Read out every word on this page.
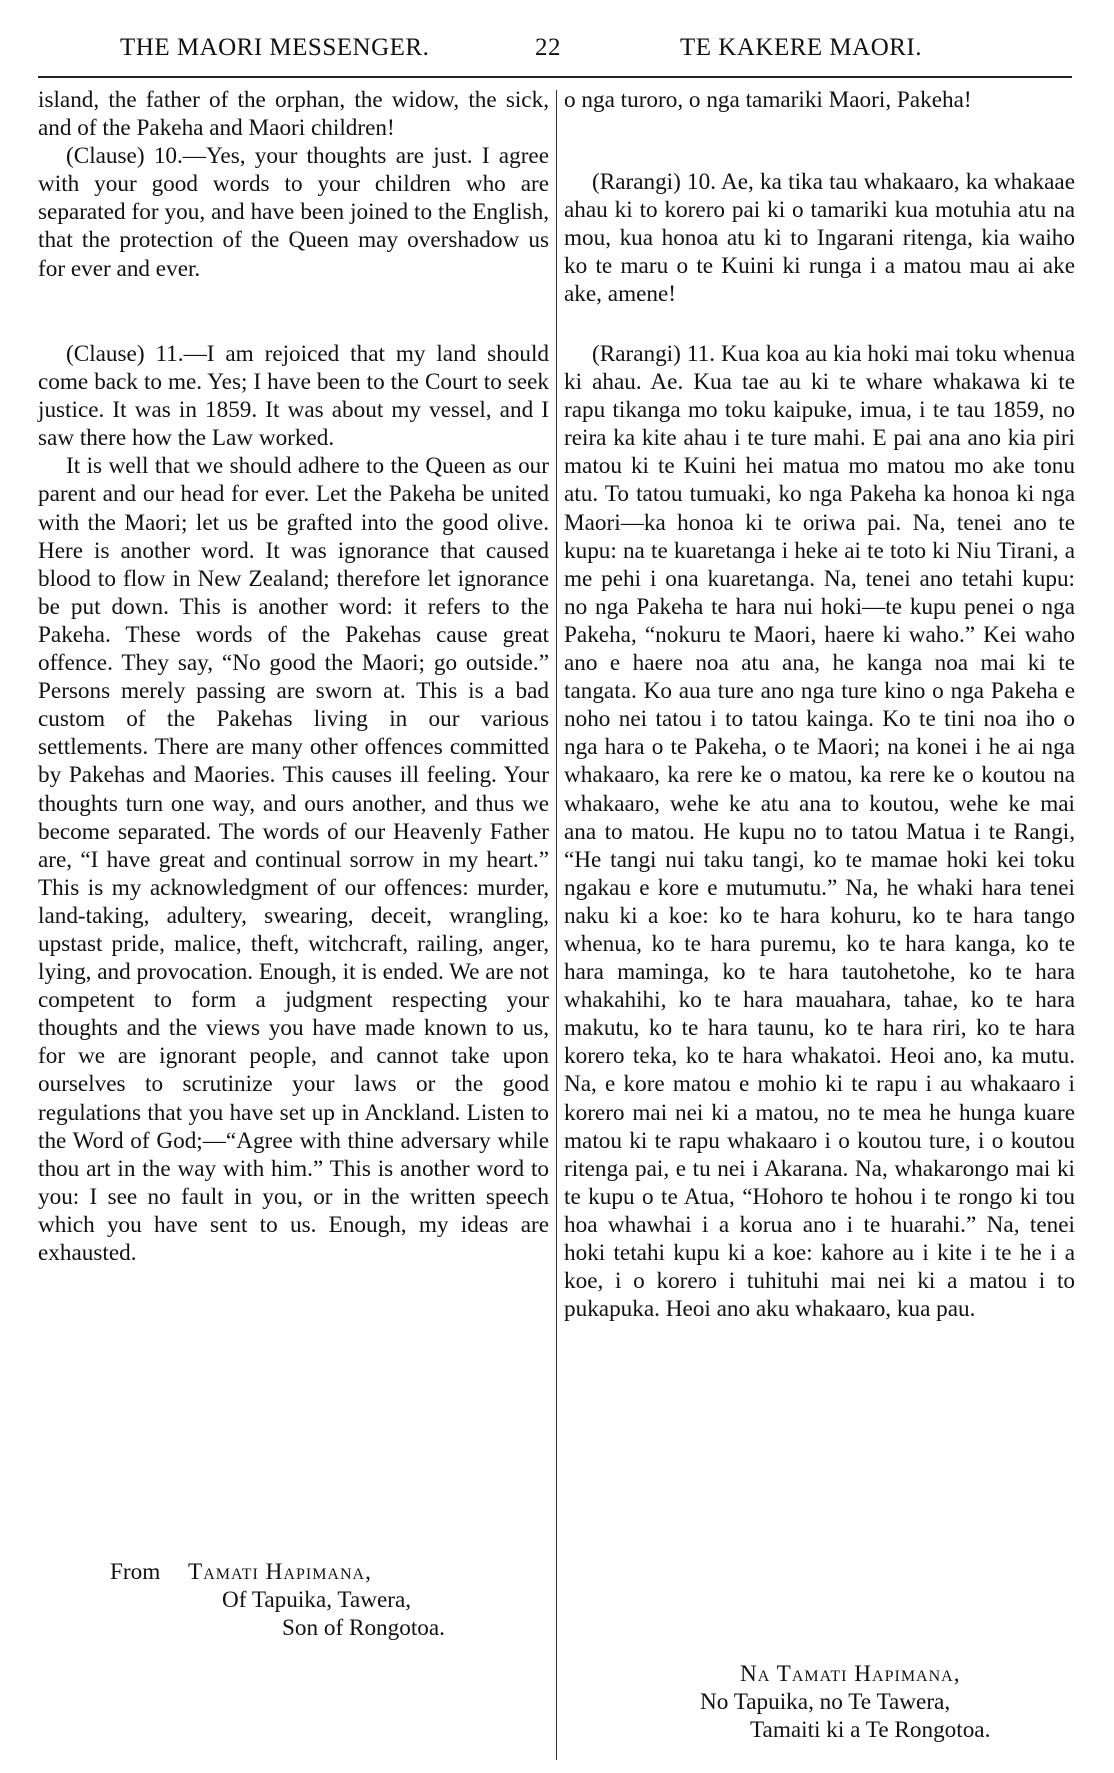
THE MAORI MESSENGER.	22	TE KAKERE MAORI.

island, the father of the orphan, the widow, the sick, and of the Pakeha and Maori children!

(Clause) 10.—Yes, your thoughts are just. I agree with your good words to your children who are separated for you, and have been joined to the English, that the protection of the Queen may overshadow us for ever and ever.

(Clause) 11.—I am rejoiced that my land should come back to me. Yes; I have been to the Court to seek justice. It was in 1859. It was about my vessel, and I saw there how the Law worked.

It is well that we should adhere to the Queen as our parent and our head for ever. Let the Pakeha be united with the Maori; let us be grafted into the good olive. Here is another word. It was ignorance that caused blood to flow in New Zealand; therefore let ignorance be put down. This is another word: it refers to the Pakeha. These words of the Pakehas cause great offence. They say, “No good the Maori; go outside.” Persons merely passing are sworn at. This is a bad custom of the Pakehas living in our various settlements. There are many other offences committed by Pakehas and Maories. This causes ill feeling. Your thoughts turn one way, and ours another, and thus we become separated. The words of our Heavenly Father are, “I have great and continual sorrow in my heart.” This is my acknowledgment of our offences: murder, land-taking, adultery, swearing, deceit, wrangling, upstast pride, malice, theft, witchcraft, railing, anger, lying, and provocation. Enough, it is ended. We are not competent to form a judgment respecting your thoughts and the views you have made known to us, for we are ignorant people, and cannot take upon ourselves to scrutinize your laws or the good regulations that you have set up in Anckland. Listen to the Word of God;—“Agree with thine adversary while thou art in the way with him.” This is another word to you: I see no fault in you, or in the written speech which you have sent to us. Enough, my ideas are exhausted.

From Tamati Hapimana,
Of Tapuika, Tawera,
Son of Rongotoa.

o nga turoro, o nga tamariki Maori, Pakeha!

(Rarangi) 10. Ae, ka tika tau whakaaro, ka whakaae ahau ki to korero pai ki o tamariki kua motuhia atu na mou, kua honoa atu ki to Ingarani ritenga, kia waiho ko te maru o te Kuini ki runga i a matou mau ai ake ake, amene!

(Rarangi) 11. Kua koa au kia hoki mai toku whenua ki ahau. Ae. Kua tae au ki te whare whakawa ki te rapu tikanga mo toku kaipuke, imua, i te tau 1859, no reira ka kite ahau i te ture mahi. E pai ana ano kia piri matou ki te Kuini hei matua mo matou mo ake tonu atu. To tatou tumuaki, ko nga Pakeha ka honoa ki nga Maori—ka honoa ki te oriwa pai. Na, tenei ano te kupu: na te kuaretanga i heke ai te toto ki Niu Tirani, a me pehi i ona kuaretanga. Na, tenei ano tetahi kupu: no nga Pakeha te hara nui hoki—te kupu penei o nga Pakeha, “nokuru te Maori, haere ki waho.” Kei waho ano e haere noa atu ana, he kanga noa mai ki te tangata. Ko aua ture ano nga ture kino o nga Pakeha e noho nei tatou i to tatou kainga. Ko te tini noa iho o nga hara o te Pakeha, o te Maori; na konei i he ai nga whakaaro, ka rere ke o matou, ka rere ke o koutou na whakaaro, wehe ke atu ana to koutou, wehe ke mai ana to matou. He kupu no to tatou Matua i te Rangi, “He tangi nui taku tangi, ko te mamae hoki kei toku ngakau e kore e mutumutu.” Na, he whaki hara tenei naku ki a koe: ko te hara kohuru, ko te hara tango whenua, ko te hara puremu, ko te hara kanga, ko te hara maminga, ko te hara tautohetohe, ko te hara whakahihi, ko te hara mauahara, tahae, ko te hara makutu, ko te hara taunu, ko te hara riri, ko te hara korero teka, ko te hara whakatoi. Heoi ano, ka mutu. Na, e kore matou e mohio ki te rapu i au whakaaro i korero mai nei ki a matou, no te mea he hunga kuare matou ki te rapu whakaaro i o koutou ture, i o koutou ritenga pai, e tu nei i Akarana. Na, whakarongo mai ki te kupu o te Atua, “Hohoro te hohou i te rongo ki tou hoa whawhai i a korua ano i te huarahi.” Na, tenei hoki tetahi kupu ki a koe: kahore au i kite i te he i a koe, i o korero i tuhituhi mai nei ki a matou i to pukapuka. Heoi ano aku whakaaro, kua pau.

Na Tamati Hapimana,
No Tapuika, no Te Tawera,
Tamaiti ki a Te Rongotoa.
